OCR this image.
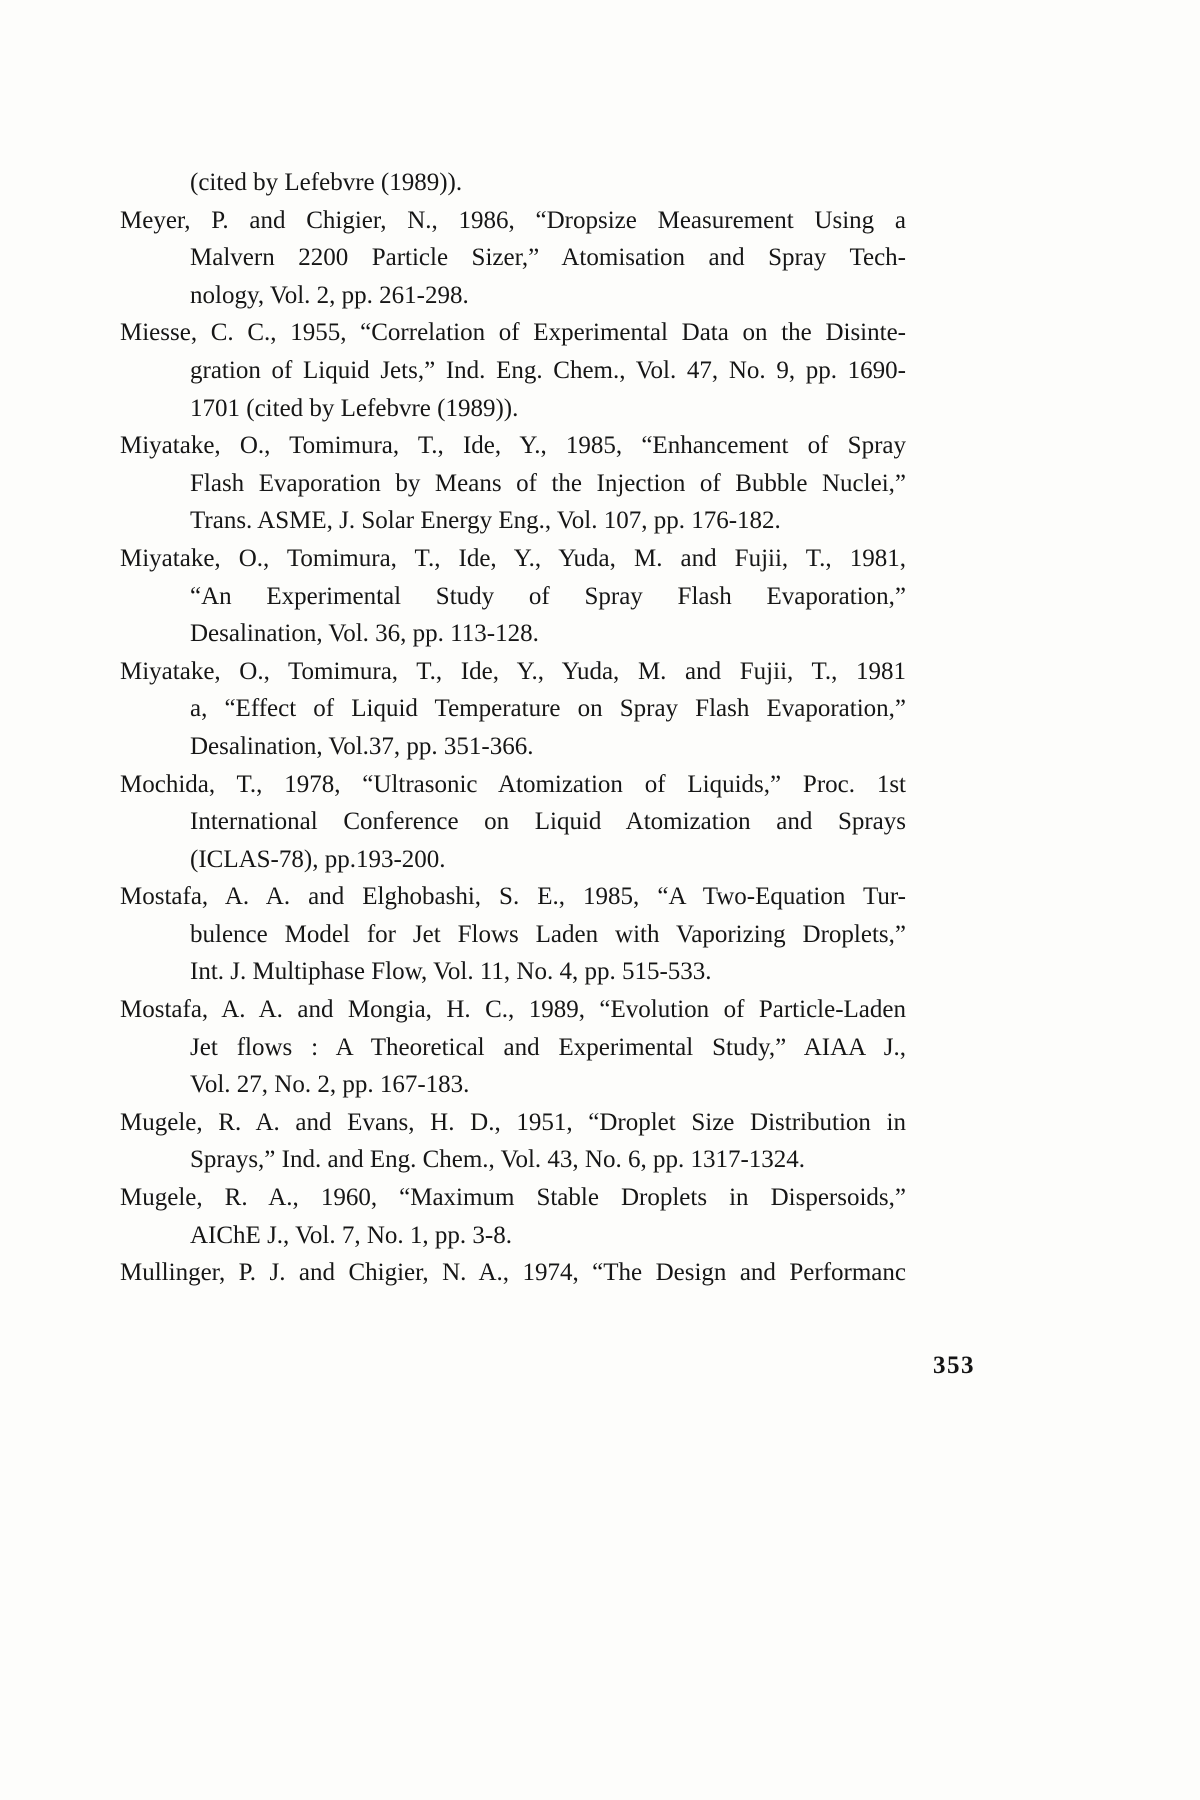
(cited by Lefebvre (1989)).
Meyer, P. and Chigier, N., 1986, “Dropsize Measurement Using a
Malvern 2200 Particle Sizer,” Atomisation and Spray Tech-
nology, Vol. 2, pp. 261-298.
Miesse, C. C., 1955, “Correlation of Experimental Data on the Disinte-
gration of Liquid Jets,” Ind. Eng. Chem., Vol. 47, No. 9, pp. 1690-
1701 (cited by Lefebvre (1989)).
Miyatake, O., Tomimura, T., Ide, Y., 1985, “Enhancement of Spray
Flash Evaporation by Means of the Injection of Bubble Nuclei,”
Trans. ASME, J. Solar Energy Eng., Vol. 107, pp. 176-182.
Miyatake, O., Tomimura, T., Ide, Y., Yuda, M. and Fujii, T., 1981,
“An Experimental Study of Spray Flash Evaporation,”
Desalination, Vol. 36, pp. 113-128.
Miyatake, O., Tomimura, T., Ide, Y., Yuda, M. and Fujii, T., 1981
a, “Effect of Liquid Temperature on Spray Flash Evaporation,”
Desalination, Vol.37, pp. 351-366.
Mochida, T., 1978, “Ultrasonic Atomization of Liquids,” Proc. 1st
International Conference on Liquid Atomization and Sprays
(ICLAS-78), pp.193-200.
Mostafa, A. A. and Elghobashi, S. E., 1985, “A Two-Equation Tur-
bulence Model for Jet Flows Laden with Vaporizing Droplets,”
Int. J. Multiphase Flow, Vol. 11, No. 4, pp. 515-533.
Mostafa, A. A. and Mongia, H. C., 1989, “Evolution of Particle-Laden
Jet flows : A Theoretical and Experimental Study,” AIAA J.,
Vol. 27, No. 2, pp. 167-183.
Mugele, R. A. and Evans, H. D., 1951, “Droplet Size Distribution in
Sprays,” Ind. and Eng. Chem., Vol. 43, No. 6, pp. 1317-1324.
Mugele, R. A., 1960, “Maximum Stable Droplets in Dispersoids,”
AIChE J., Vol. 7, No. 1, pp. 3-8.
Mullinger, P. J. and Chigier, N. A., 1974, “The Design and Performanc
353
